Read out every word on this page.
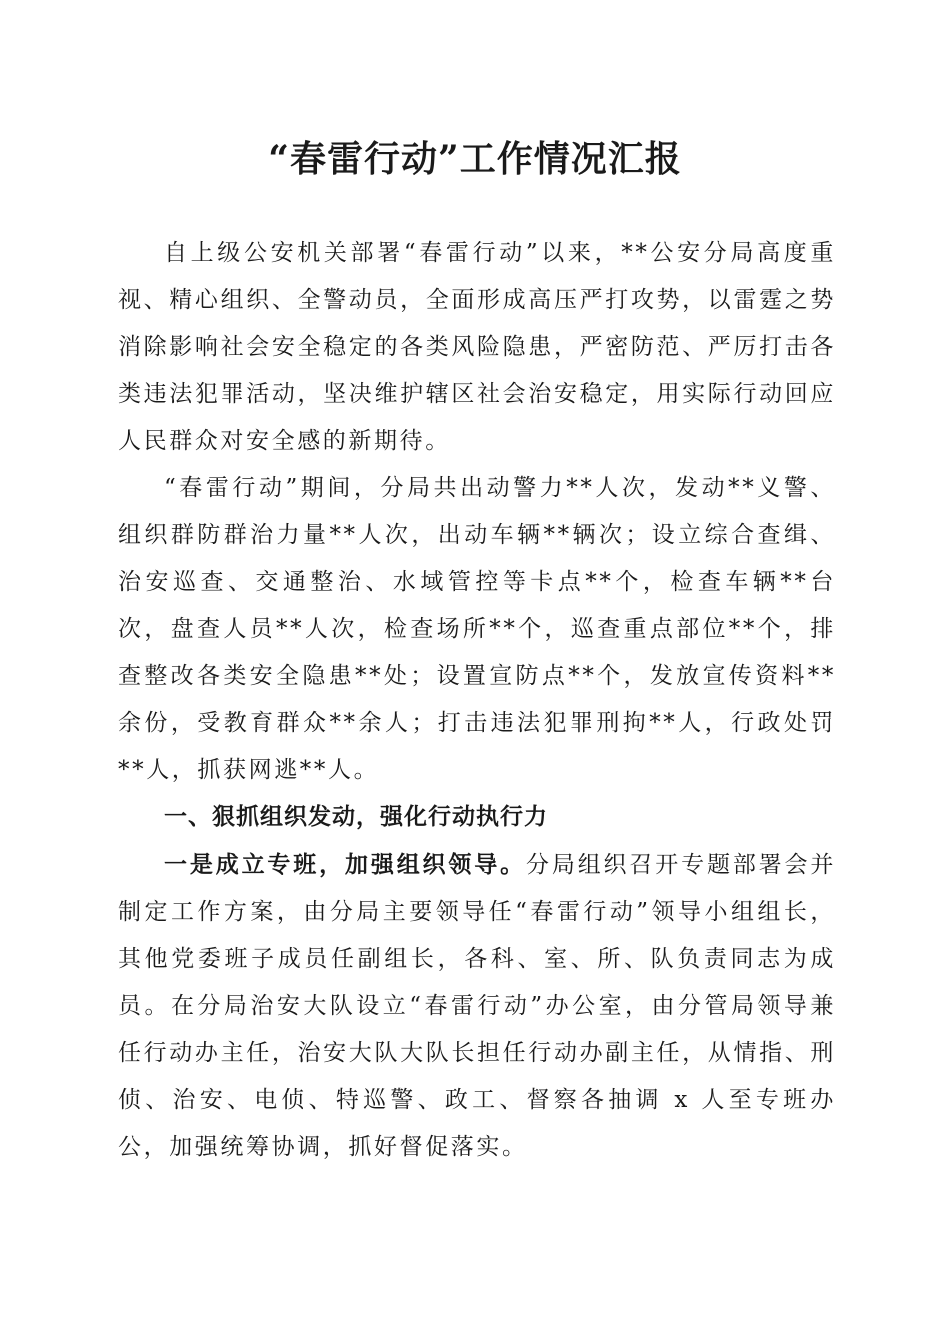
“春雷行动”工作情况汇报

自上级公安机关部署“春雷行动”以来，**公安分局高度重视、精心组织、全警动员，全面形成高压严打攻势，以雷霆之势消除影响社会安全稳定的各类风险隐患，严密防范、严厉打击各类违法犯罪活动，坚决维护辖区社会治安稳定，用实际行动回应人民群众对安全感的新期待。

“春雷行动”期间，分局共出动警力**人次，发动**义警、组织群防群治力量**人次，出动车辆**辆次；设立综合查缉、治安巡查、交通整治、水域管控等卡点**个，检查车辆**台次，盘查人员**人次，检查场所**个，巡查重点部位**个，排查整改各类安全隐患**处；设置宣防点**个，发放宣传资料**余份，受教育群众**余人；打击违法犯罪刑拘**人，行政处罚**人，抓获网逃**人。

一、狠抓组织发动，强化行动执行力

一是成立专班，加强组织领导。分局组织召开专题部署会并制定工作方案，由分局主要领导任“春雷行动”领导小组组长，其他党委班子成员任副组长，各科、室、所、队负责同志为成员。在分局治安大队设立“春雷行动”办公室，由分管局领导兼任行动办主任，治安大队大队长担任行动办副主任，从情指、刑侦、治安、电侦、特巡警、政工、督察各抽调 x 人至专班办公，加强统筹协调，抓好督促落实。
